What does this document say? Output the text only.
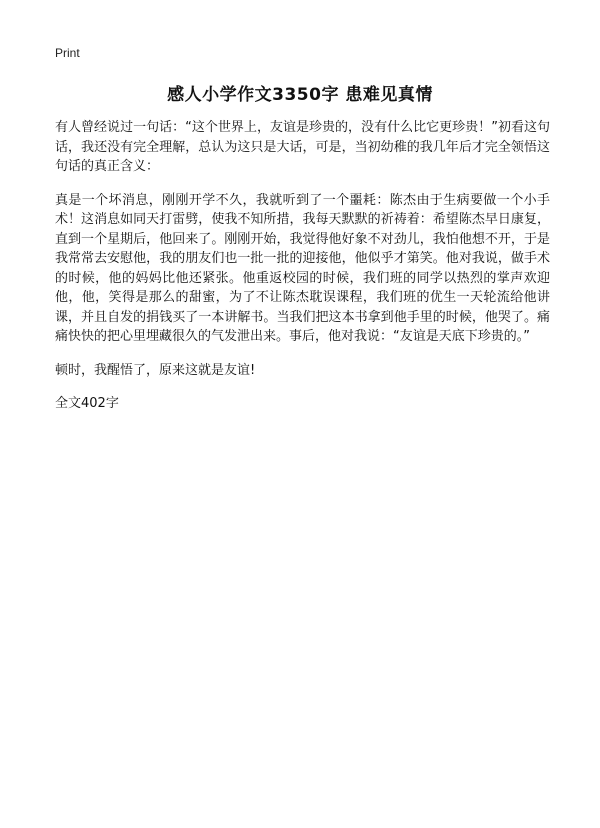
Print
感人小学作文3350字 患难见真情

有人曾经说过一句话：“这个世界上，友谊是珍贵的，没有什么比它更珍贵！”初看这句话，我还没有完全理解，总认为这只是大话，可是，当初幼稚的我几年后才完全领悟这句话的真正含义：

真是一个坏消息，刚刚开学不久，我就听到了一个噩耗：陈杰由于生病要做一个小手术！这消息如同天打雷劈，使我不知所措，我每天默默的祈祷着：希望陈杰早日康复，直到一个星期后，他回来了。刚刚开始，我觉得他好象不对劲儿，我怕他想不开，于是我常常去安慰他，我的朋友们也一批一批的迎接他，他似乎才第笑。他对我说，做手术的时候，他的妈妈比他还紧张。他重返校园的时候，我们班的同学以热烈的掌声欢迎他，他，笑得是那么的甜蜜，为了不让陈杰耽误课程，我们班的优生一天轮流给他讲课，并且自发的捐钱买了一本讲解书。当我们把这本书拿到他手里的时候，他哭了。痛痛快快的把心里埋藏很久的气发泄出来。事后，他对我说：“友谊是天底下珍贵的。”

顿时，我醒悟了，原来这就是友谊!

全文402字
